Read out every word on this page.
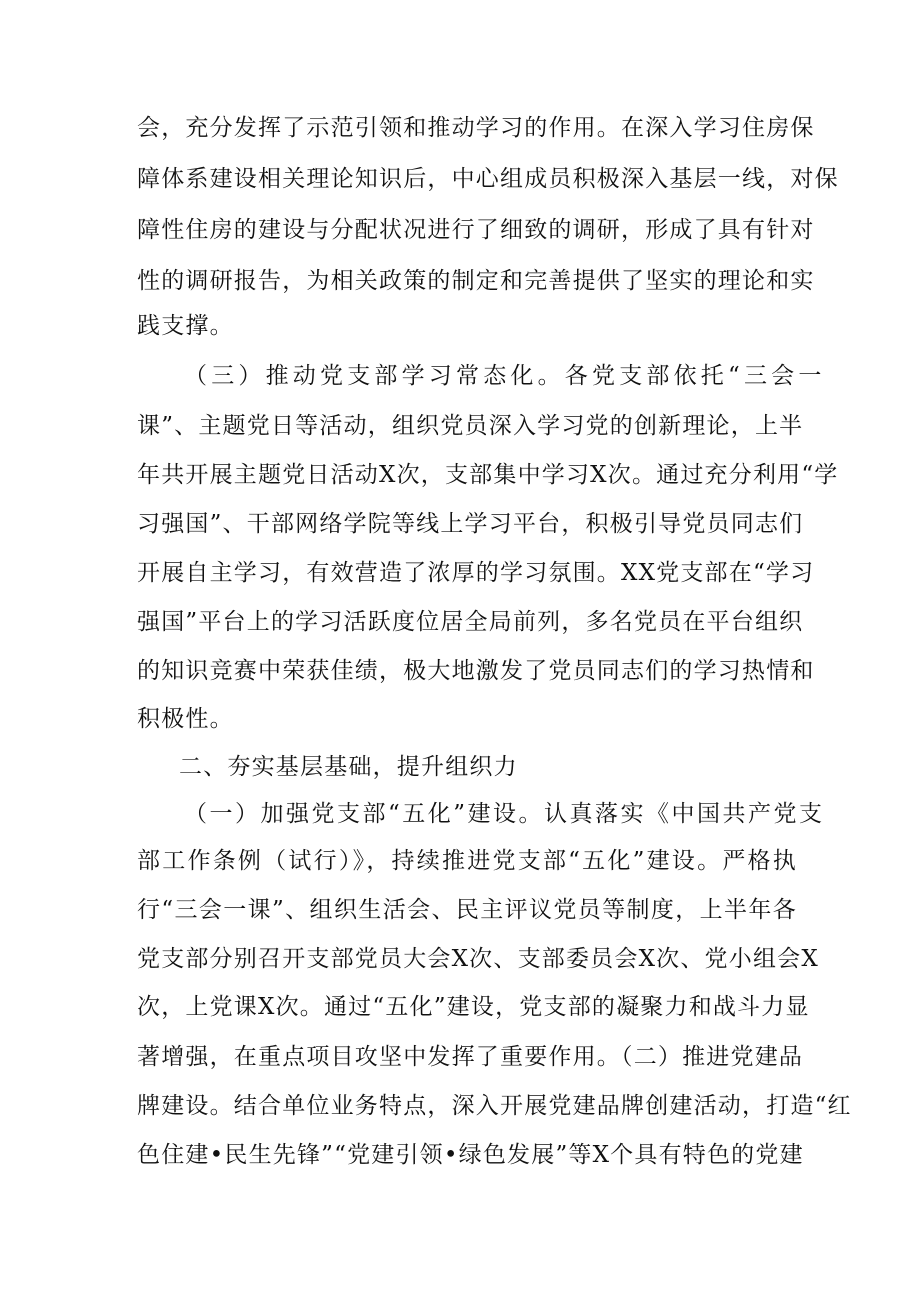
会，充分发挥了示范引领和推动学习的作用。在深入学习住房保
障体系建设相关理论知识后，中心组成员积极深入基层一线，对保
障性住房的建设与分配状况进行了细致的调研，形成了具有针对
性的调研报告，为相关政策的制定和完善提供了坚实的理论和实
践支撑。
（三）推动党支部学习常态化。各党支部依托“三会一
课”、主题党日等活动，组织党员深入学习党的创新理论，上半
年共开展主题党日活动X次，支部集中学习X次。通过充分利用“学
习强国”、干部网络学院等线上学习平台，积极引导党员同志们
开展自主学习，有效营造了浓厚的学习氛围。XX党支部在“学习
强国”平台上的学习活跃度位居全局前列，多名党员在平台组织
的知识竞赛中荣获佳绩，极大地激发了党员同志们的学习热情和
积极性。
二、夯实基层基础，提升组织力
（一）加强党支部“五化”建设。认真落实《中国共产党支
部工作条例（试行）》，持续推进党支部“五化”建设。严格执
行“三会一课”、组织生活会、民主评议党员等制度，上半年各
党支部分别召开支部党员大会X次、支部委员会X次、党小组会X
次，上党课X次。通过“五化”建设，党支部的凝聚力和战斗力显
著增强，在重点项目攻坚中发挥了重要作用。（二）推进党建品
牌建设。结合单位业务特点，深入开展党建品牌创建活动，打造“红
色住建•民生先锋”“党建引领•绿色发展”等X个具有特色的党建
